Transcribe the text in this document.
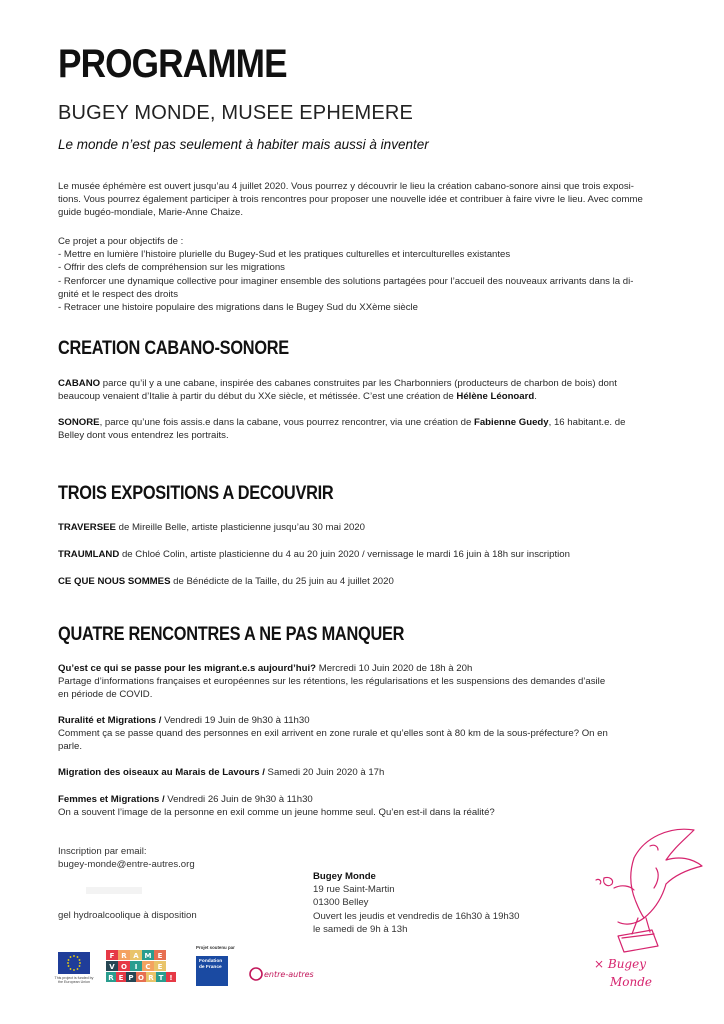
PROGRAMME
BUGEY MONDE, MUSEE EPHEMERE
Le monde n’est pas seulement à habiter mais aussi à inventer
Le musée éphémère est ouvert jusqu’au 4 juillet 2020. Vous pourrez y découvrir le lieu la création cabano-sonore ainsi que trois exposi-
tions. Vous pourrez également participer à trois rencontres pour proposer une nouvelle idée et contribuer à faire vivre le lieu. Avec comme
guide bugéo-mondiale, Marie-Anne Chaize.
Ce projet a pour objectifs de :
- Mettre en lumière l’histoire plurielle du Bugey-Sud et les pratiques culturelles et interculturelles existantes
- Offrir des clefs de compréhension sur les migrations
- Renforcer une dynamique collective pour imaginer ensemble des solutions partagées pour l’accueil des nouveaux arrivants dans la di-
gnité et le respect des droits
- Retracer une histoire populaire des migrations dans le Bugey Sud du XXème siècle
CREATION CABANO-SONORE
CABANO parce qu’il y a une cabane, inspirée des cabanes construites par les Charbonniers (producteurs de charbon de bois) dont
beaucoup venaient d’Italie à partir du début du XXe siècle, et métissée. C’est une création de Hélène Léonoard.
SONORE, parce qu’une fois assis.e dans la cabane, vous pourrez rencontrer, via une création de Fabienne Guedy, 16 habitant.e. de
Belley dont vous entendrez les portraits.
TROIS EXPOSITIONS A DECOUVRIR
TRAVERSEE de Mireille Belle, artiste plasticienne jusqu’au 30 mai 2020
TRAUMLAND de Chloé Colin, artiste plasticienne du 4 au 20 juin 2020 / vernissage le mardi 16 juin à 18h sur inscription
CE QUE NOUS SOMMES de Bénédicte de la Taille, du 25 juin au 4 juillet 2020
QUATRE RENCONTRES A NE PAS MANQUER
Qu’est ce qui se passe pour les migrant.e.s aujourd’hui? Mercredi 10 Juin 2020 de 18h à 20h
Partage d’informations françaises et européennes sur les rétentions, les régularisations et les suspensions des demandes d’asile
en période de COVID.
Ruralité et Migrations / Vendredi 19 Juin de 9h30 à 11h30
Comment ça se passe quand des personnes en exil arrivent en zone rurale et qu’elles sont à 80 km de la sous-préfecture? On en
parle.
Migration des oiseaux au Marais de Lavours / Samedi 20 Juin 2020 à 17h
Femmes et Migrations / Vendredi 26 Juin de 9h30 à 11h30
On a souvent l’image de la personne en exil comme un jeune homme seul. Qu’en est-il dans la réalité?
Inscription par email:
bugey-monde@entre-autres.org
gel hydroalcoolique à disposition
Bugey Monde
19 rue Saint-Martin
01300 Belley
Ouvert les jeudis et vendredis de 16h30 à 19h30
le samedi de 9h à 13h
× Bugey
Monde
This project is funded by the European Union
F R A M E
V O I C E
R E P O R T !
Projet soutenu par
Fondation de France
entre-autres
